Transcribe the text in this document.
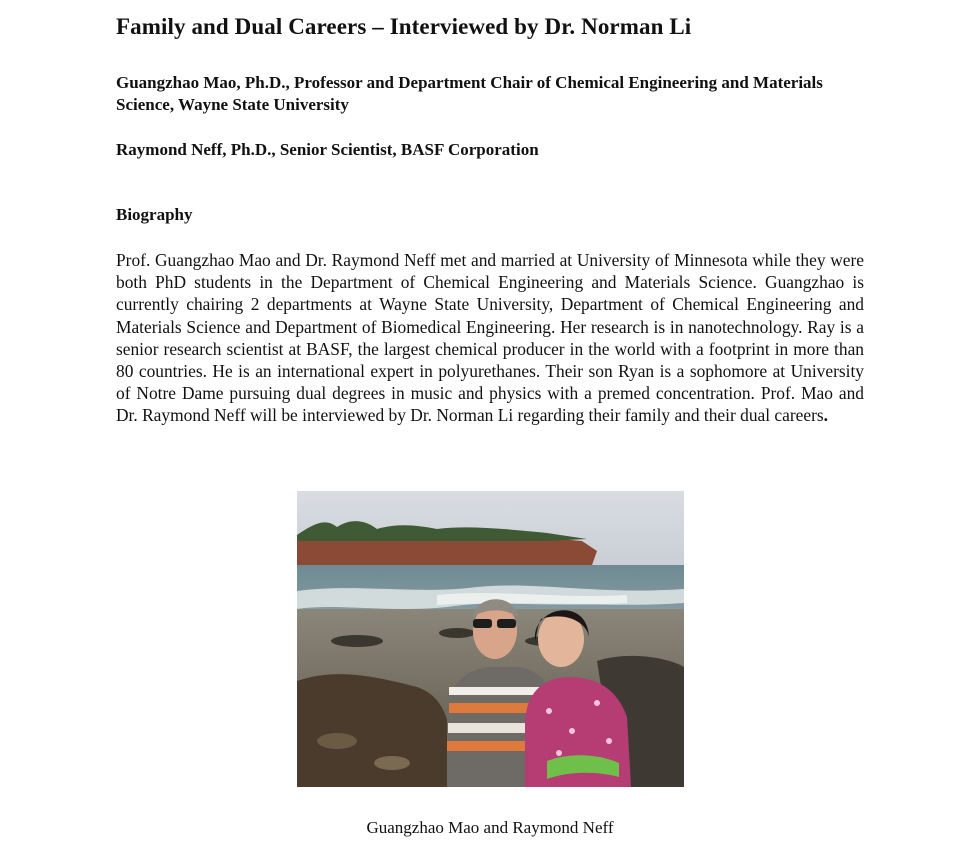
Family and Dual Careers – Interviewed by Dr. Norman Li

Guangzhao Mao, Ph.D., Professor and Department Chair of Chemical Engineering and Materials Science, Wayne State University

Raymond Neff, Ph.D., Senior Scientist, BASF Corporation

Biography

Prof. Guangzhao Mao and Dr. Raymond Neff met and married at University of Minnesota while they were both PhD students in the Department of Chemical Engineering and Materials Science. Guangzhao is currently chairing 2 departments at Wayne State University, Department of Chemical Engineering and Materials Science and Department of Biomedical Engineering. Her research is in nanotechnology. Ray is a senior research scientist at BASF, the largest chemical producer in the world with a footprint in more than 80 countries. He is an international expert in polyurethanes. Their son Ryan is a sophomore at University of Notre Dame pursuing dual degrees in music and physics with a premed concentration. Prof. Mao and Dr. Raymond Neff will be interviewed by Dr. Norman Li regarding their family and their dual careers.

Guangzhao Mao and Raymond Neff
